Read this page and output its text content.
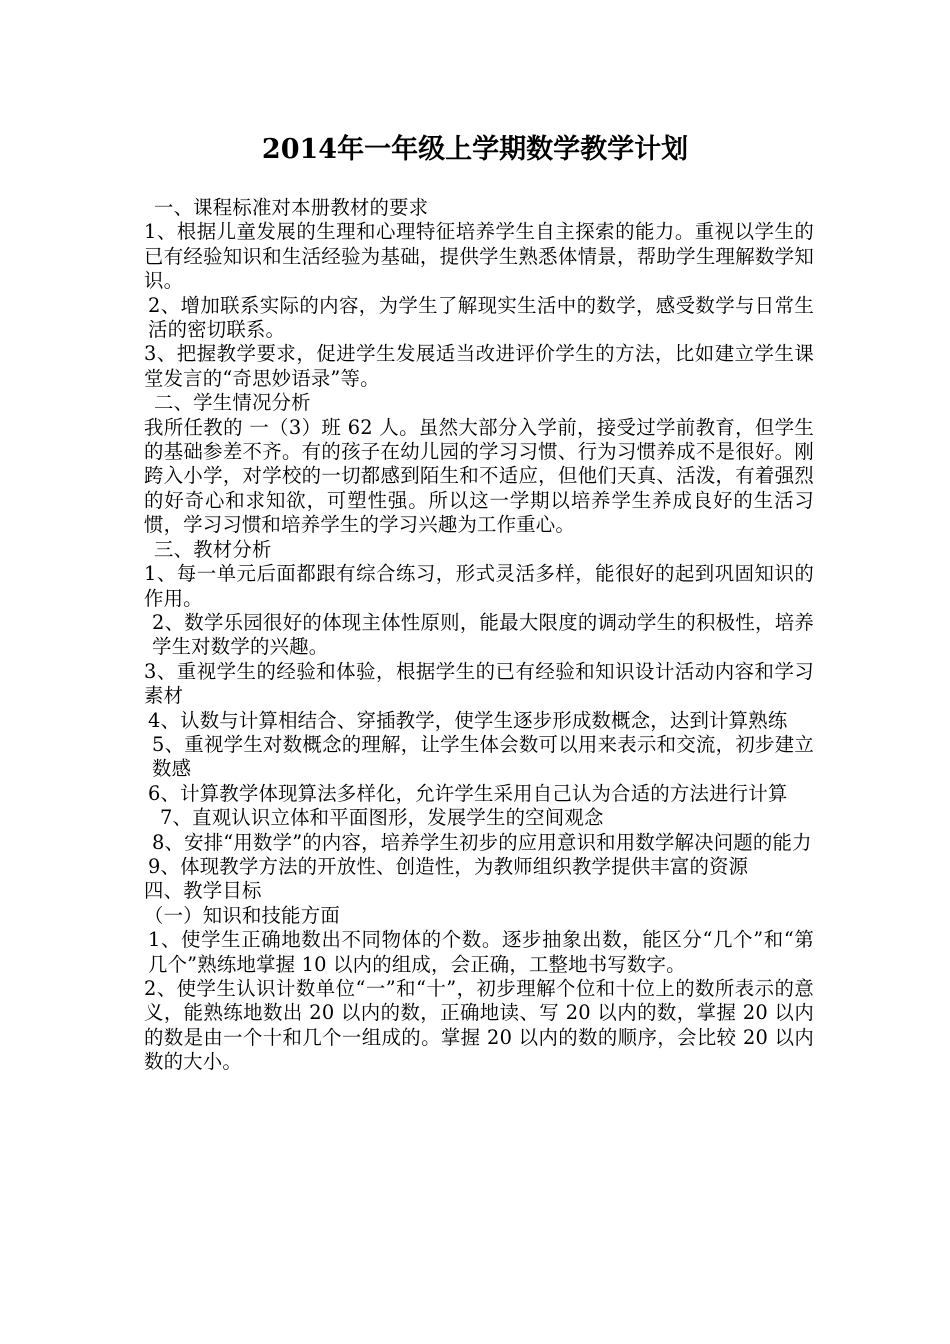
2014年一年级上学期数学教学计划

一、课程标准对本册教材的要求

1、根据儿童发展的生理和心理特征培养学生自主探索的能力。重视以学生的已有经验知识和生活经验为基础，提供学生熟悉体情景，帮助学生理解数学知识。

2、增加联系实际的内容，为学生了解现实生活中的数学，感受数学与日常生活的密切联系。

3、把握教学要求，促进学生发展适当改进评价学生的方法，比如建立学生课堂发言的“奇思妙语录”等。

二、学生情况分析

我所任教的 一（3）班 62 人。虽然大部分入学前，接受过学前教育，但学生的基础参差不齐。有的孩子在幼儿园的学习习惯、行为习惯养成不是很好。刚跨入小学，对学校的一切都感到陌生和不适应，但他们天真、活泼，有着强烈的好奇心和求知欲，可塑性强。所以这一学期以培养学生养成良好的生活习惯，学习习惯和培养学生的学习兴趣为工作重心。

三、教材分析

1、每一单元后面都跟有综合练习，形式灵活多样，能很好的起到巩固知识的作用。

2、数学乐园很好的体现主体性原则，能最大限度的调动学生的积极性，培养学生对数学的兴趣。

3、重视学生的经验和体验，根据学生的已有经验和知识设计活动内容和学习素材

4、认数与计算相结合、穿插教学，使学生逐步形成数概念，达到计算熟练

5、重视学生对数概念的理解，让学生体会数可以用来表示和交流，初步建立数感

6、计算教学体现算法多样化，允许学生采用自己认为合适的方法进行计算

7、直观认识立体和平面图形，发展学生的空间观念

8、安排“用数学”的内容，培养学生初步的应用意识和用数学解决问题的能力

9、体现教学方法的开放性、创造性，为教师组织教学提供丰富的资源

四、教学目标

（一）知识和技能方面

1、使学生正确地数出不同物体的个数。逐步抽象出数，能区分“几个”和“第几个”熟练地掌握 10 以内的组成，会正确，工整地书写数字。

2、使学生认识计数单位“一”和“十”，初步理解个位和十位上的数所表示的意义，能熟练地数出 20 以内的数，正确地读、写 20 以内的数，掌握 20 以内的数是由一个十和几个一组成的。掌握 20 以内的数的顺序，会比较 20 以内数的大小。
